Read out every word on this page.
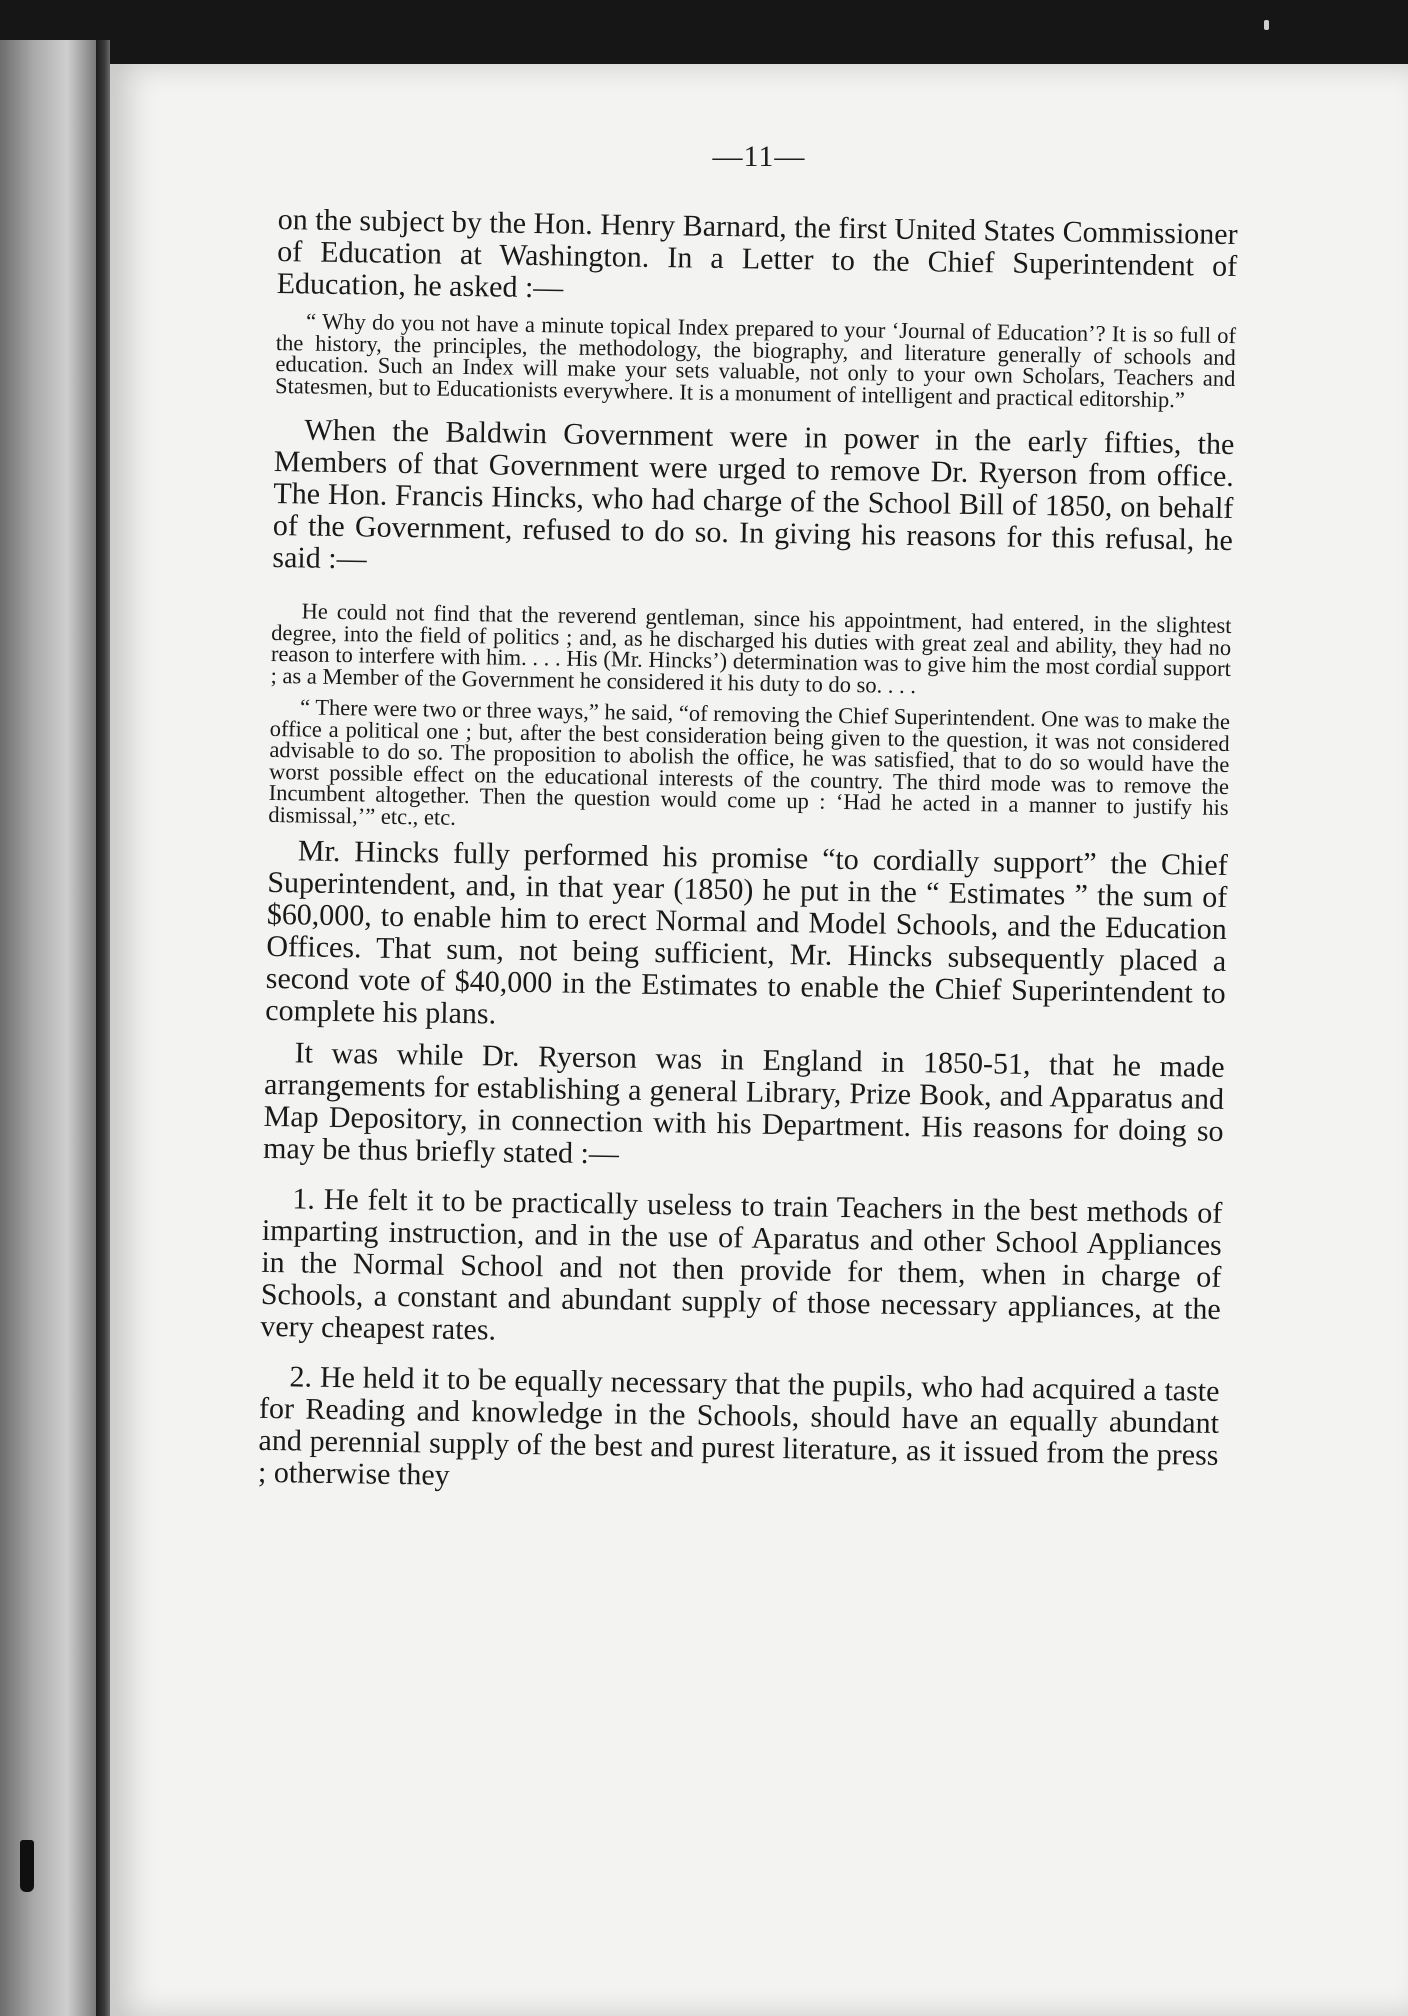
—11—

on the subject by the Hon. Henry Barnard, the first United States Commissioner of Education at Washington. In a Letter to the Chief Superintendent of Education, he asked :—

“ Why do you not have a minute topical Index prepared to your ‘Journal of Education’? It is so full of the history, the principles, the methodology, the biography, and literature generally of schools and education. Such an Index will make your sets valuable, not only to your own Scholars, Teachers and Statesmen, but to Educationists everywhere. It is a monument of intelligent and practical editorship.”

When the Baldwin Government were in power in the early fifties, the Members of that Government were urged to remove Dr. Ryerson from office. The Hon. Francis Hincks, who had charge of the School Bill of 1850, on behalf of the Government, refused to do so. In giving his reasons for this refusal, he said :—

He could not find that the reverend gentleman, since his appointment, had entered, in the slightest degree, into the field of politics ; and, as he discharged his duties with great zeal and ability, they had no reason to interfere with him. . . . His (Mr. Hincks’) determination was to give him the most cordial support ; as a Member of the Government he considered it his duty to do so. . . .

“ There were two or three ways,” he said, “of removing the Chief Superintendent. One was to make the office a political one ; but, after the best consideration being given to the question, it was not considered advisable to do so. The proposition to abolish the office, he was satisfied, that to do so would have the worst possible effect on the educational interests of the country. The third mode was to remove the Incumbent altogether. Then the question would come up : ‘Had he acted in a manner to justify his dismissal,’” etc., etc.

Mr. Hincks fully performed his promise “to cordially support” the Chief Superintendent, and, in that year (1850) he put in the “ Estimates ” the sum of $60,000, to enable him to erect Normal and Model Schools, and the Education Offices. That sum, not being sufficient, Mr. Hincks subsequently placed a second vote of $40,000 in the Estimates to enable the Chief Superintendent to complete his plans.

It was while Dr. Ryerson was in England in 1850-51, that he made arrangements for establishing a general Library, Prize Book, and Apparatus and Map Depository, in connection with his Department. His reasons for doing so may be thus briefly stated :—

1. He felt it to be practically useless to train Teachers in the best methods of imparting instruction, and in the use of Aparatus and other School Appliances in the Normal School and not then provide for them, when in charge of Schools, a constant and abundant supply of those necessary appliances, at the very cheapest rates.

2. He held it to be equally necessary that the pupils, who had acquired a taste for Reading and knowledge in the Schools, should have an equally abundant and perennial supply of the best and purest literature, as it issued from the press ; otherwise they
